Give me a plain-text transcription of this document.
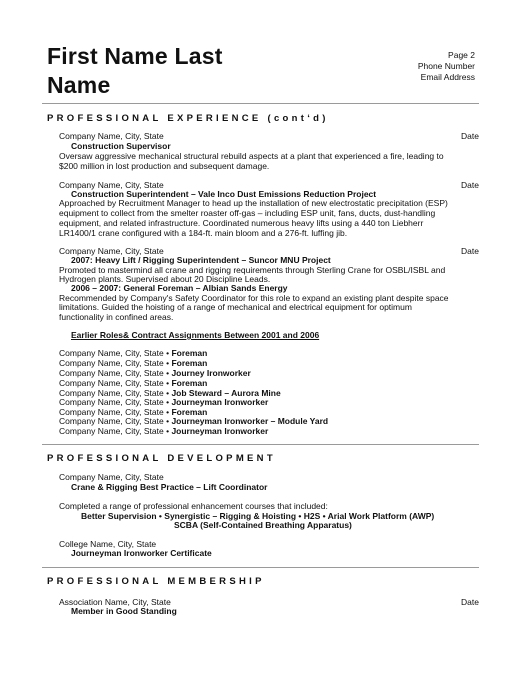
First Name Last
Name
Page 2
Phone Number
Email Address
PROFESSIONAL EXPERIENCE (cont‘d)
Company Name, City, State	Date
Construction Supervisor
Oversaw aggressive mechanical structural rebuild aspects at a plant that experienced a fire, leading to
$200 million in lost production and subsequent damage.
Company Name, City, State	Date
Construction Superintendent – Vale Inco Dust Emissions Reduction Project
Approached by Recruitment Manager to head up the installation of new electrostatic precipitation (ESP)
equipment to collect from the smelter roaster off-gas – including ESP unit, fans, ducts, dust-handling
equipment, and related infrastructure. Coordinated numerous heavy lifts using a 440 ton Liebherr
LR1400/1 crane configured with a 184-ft. main bloom and a 276-ft. luffing jib.
Company Name, City, State	Date
2007: Heavy Lift / Rigging Superintendent – Suncor MNU Project
Promoted to mastermind all crane and rigging requirements through Sterling Crane for OSBL/ISBL and
Hydrogen plants. Supervised about 20 Discipline Leads.
2006 – 2007: General Foreman – Albian Sands Energy
Recommended by Company's Safety Coordinator for this role to expand an existing plant despite space
limitations. Guided the hoisting of a range of mechanical and electrical equipment for optimum
functionality in confined areas.
Earlier Roles& Contract Assignments Between 2001 and 2006
Company Name, City, State • Foreman
Company Name, City, State • Foreman
Company Name, City, State • Journey Ironworker
Company Name, City, State • Foreman
Company Name, City, State • Job Steward – Aurora Mine
Company Name, City, State • Journeyman Ironworker
Company Name, City, State • Foreman
Company Name, City, State • Journeyman Ironworker – Module Yard
Company Name, City, State • Journeyman Ironworker
PROFESSIONAL DEVELOPMENT
Company Name, City, State
Crane & Rigging Best Practice – Lift Coordinator
Completed a range of professional enhancement courses that included:
Better Supervision • Synergistic – Rigging & Hoisting • H2S • Arial Work Platform (AWP)
SCBA (Self-Contained Breathing Apparatus)
College Name, City, State
Journeyman Ironworker Certificate
PROFESSIONAL MEMBERSHIP
Association Name, City, State	Date
Member in Good Standing
